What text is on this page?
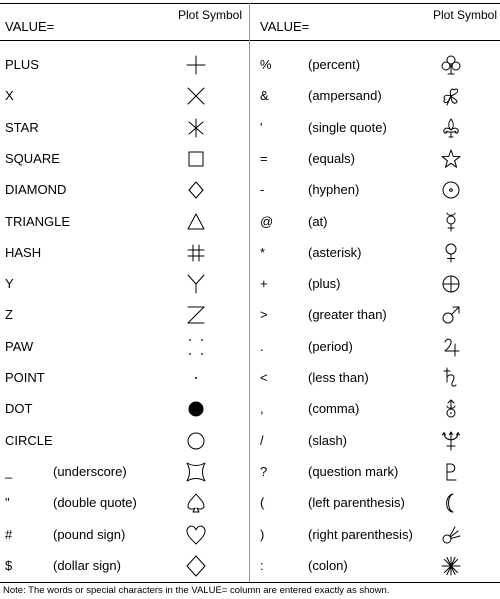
VALUE=
Plot Symbol
VALUE=
Plot Symbol
PLUS
X
STAR
SQUARE
DIAMOND
TRIANGLE
HASH
Y
Z
PAW
POINT
DOT
CIRCLE
_	(underscore)
"	(double quote)
#	(pound sign)
$	(dollar sign)
%	(percent)
&	(ampersand)
'	(single quote)
=	(equals)
-	(hyphen)
@	(at)
*	(asterisk)
+	(plus)
>	(greater than)
.	(period)
<	(less than)
,	(comma)
/	(slash)
?	(question mark)
(	(left parenthesis)
)	(right parenthesis)
:	(colon)
Note: The words or special characters in the VALUE= column are entered exactly as shown.
